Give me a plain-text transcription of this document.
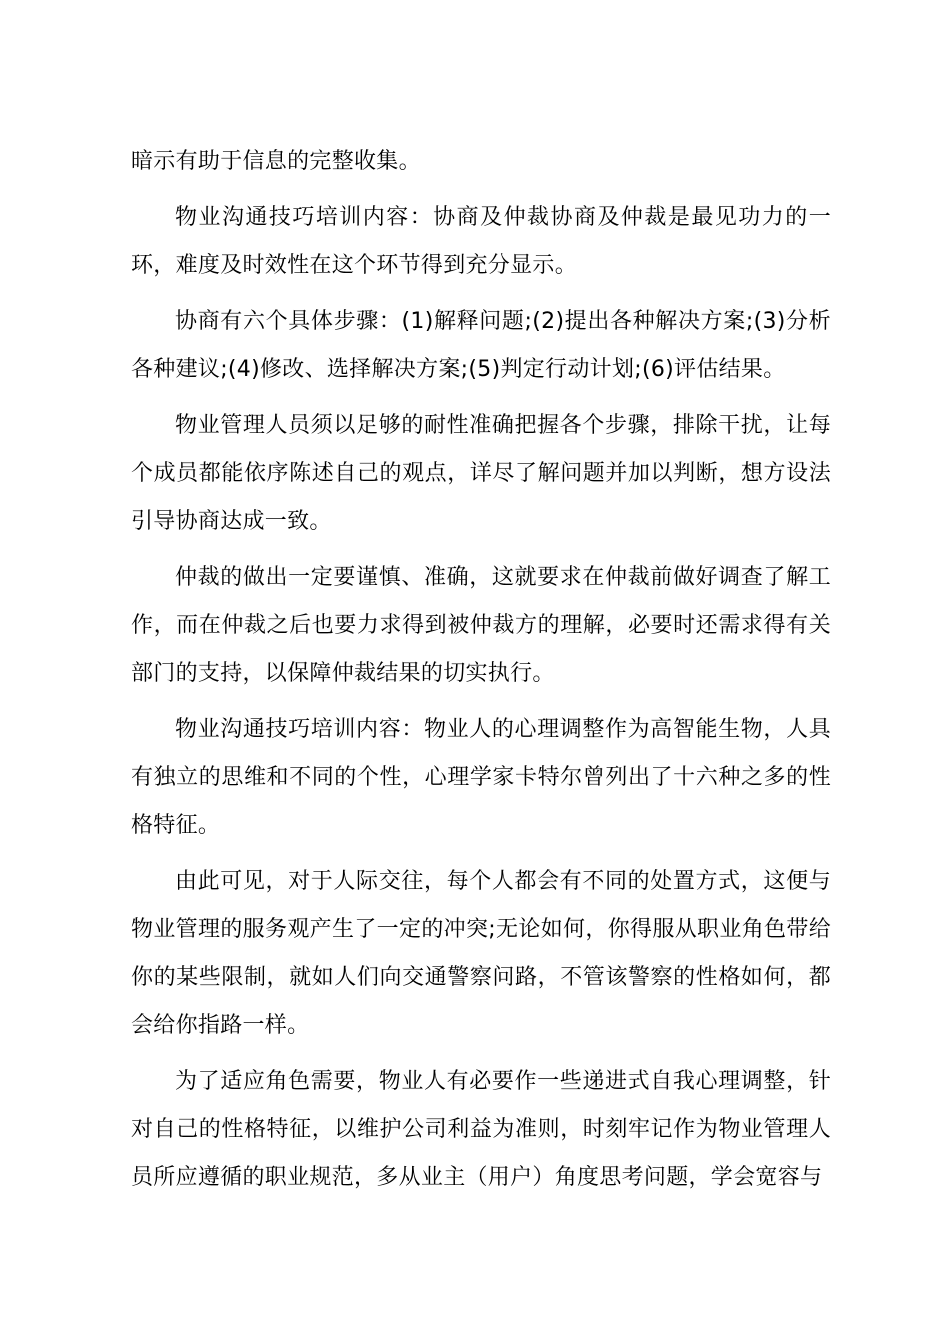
暗示有助于信息的完整收集。

物业沟通技巧培训内容：协商及仲裁协商及仲裁是最见功力的一环，难度及时效性在这个环节得到充分显示。

协商有六个具体步骤：(1)解释问题;(2)提出各种解决方案;(3)分析各种建议;(4)修改、选择解决方案;(5)判定行动计划;(6)评估结果。

物业管理人员须以足够的耐性准确把握各个步骤，排除干扰，让每个成员都能依序陈述自己的观点，详尽了解问题并加以判断，想方设法引导协商达成一致。

仲裁的做出一定要谨慎、准确，这就要求在仲裁前做好调查了解工作，而在仲裁之后也要力求得到被仲裁方的理解，必要时还需求得有关部门的支持，以保障仲裁结果的切实执行。

物业沟通技巧培训内容：物业人的心理调整作为高智能生物，人具有独立的思维和不同的个性，心理学家卡特尔曾列出了十六种之多的性格特征。

由此可见，对于人际交往，每个人都会有不同的处置方式，这便与物业管理的服务观产生了一定的冲突;无论如何，你得服从职业角色带给你的某些限制，就如人们向交通警察问路，不管该警察的性格如何，都会给你指路一样。

为了适应角色需要，物业人有必要作一些递进式自我心理调整，针对自己的性格特征，以维护公司利益为准则，时刻牢记作为物业管理人员所应遵循的职业规范，多从业主（用户）角度思考问题，学会宽容与
